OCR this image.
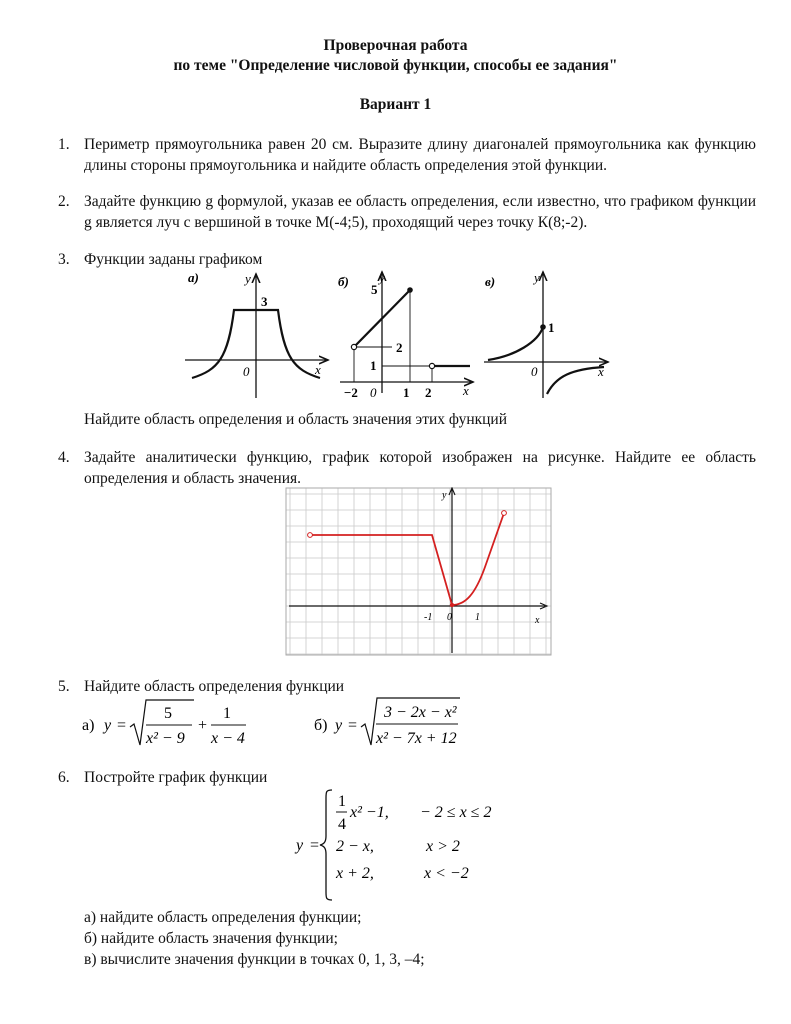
Проверочная работа
по теме "Определение числовой функции, способы ее задания"
Вариант 1
1. Периметр прямоугольника равен 20 см. Выразите длину диагоналей прямоугольника как функцию длины стороны прямоугольника и найдите область определения этой функции.
2. Задайте функцию g формулой, указав ее область определения, если известно, что графиком функции g является луч с вершиной в точке М(-4;5), проходящий через точку К(8;-2).
3. Функции заданы графиком
а)	y
x
0
3
б) y
x
5
2
1
−2 0 1 2
в)	y
x
0
1
Найдите область определения и область значения этих функций
4. Задайте аналитически функцию, график которой изображен на рисунке. Найдите ее область определения и область значения.
y
x
-1 0 1
5. Найдите область определения функции
а) y =
5
x² − 9
+
1
x − 4
б) y =
3 − 2x − x²
x² − 7x + 12
6. Постройте график функции
y =
1
4
x² −1, − 2 ≤ x ≤ 2
2 − x,	x > 2
x + 2,	x < −2
а) найдите область определения функции;
б) найдите область значения функции;
в) вычислите значения функции в точках 0, 1, 3, –4;
